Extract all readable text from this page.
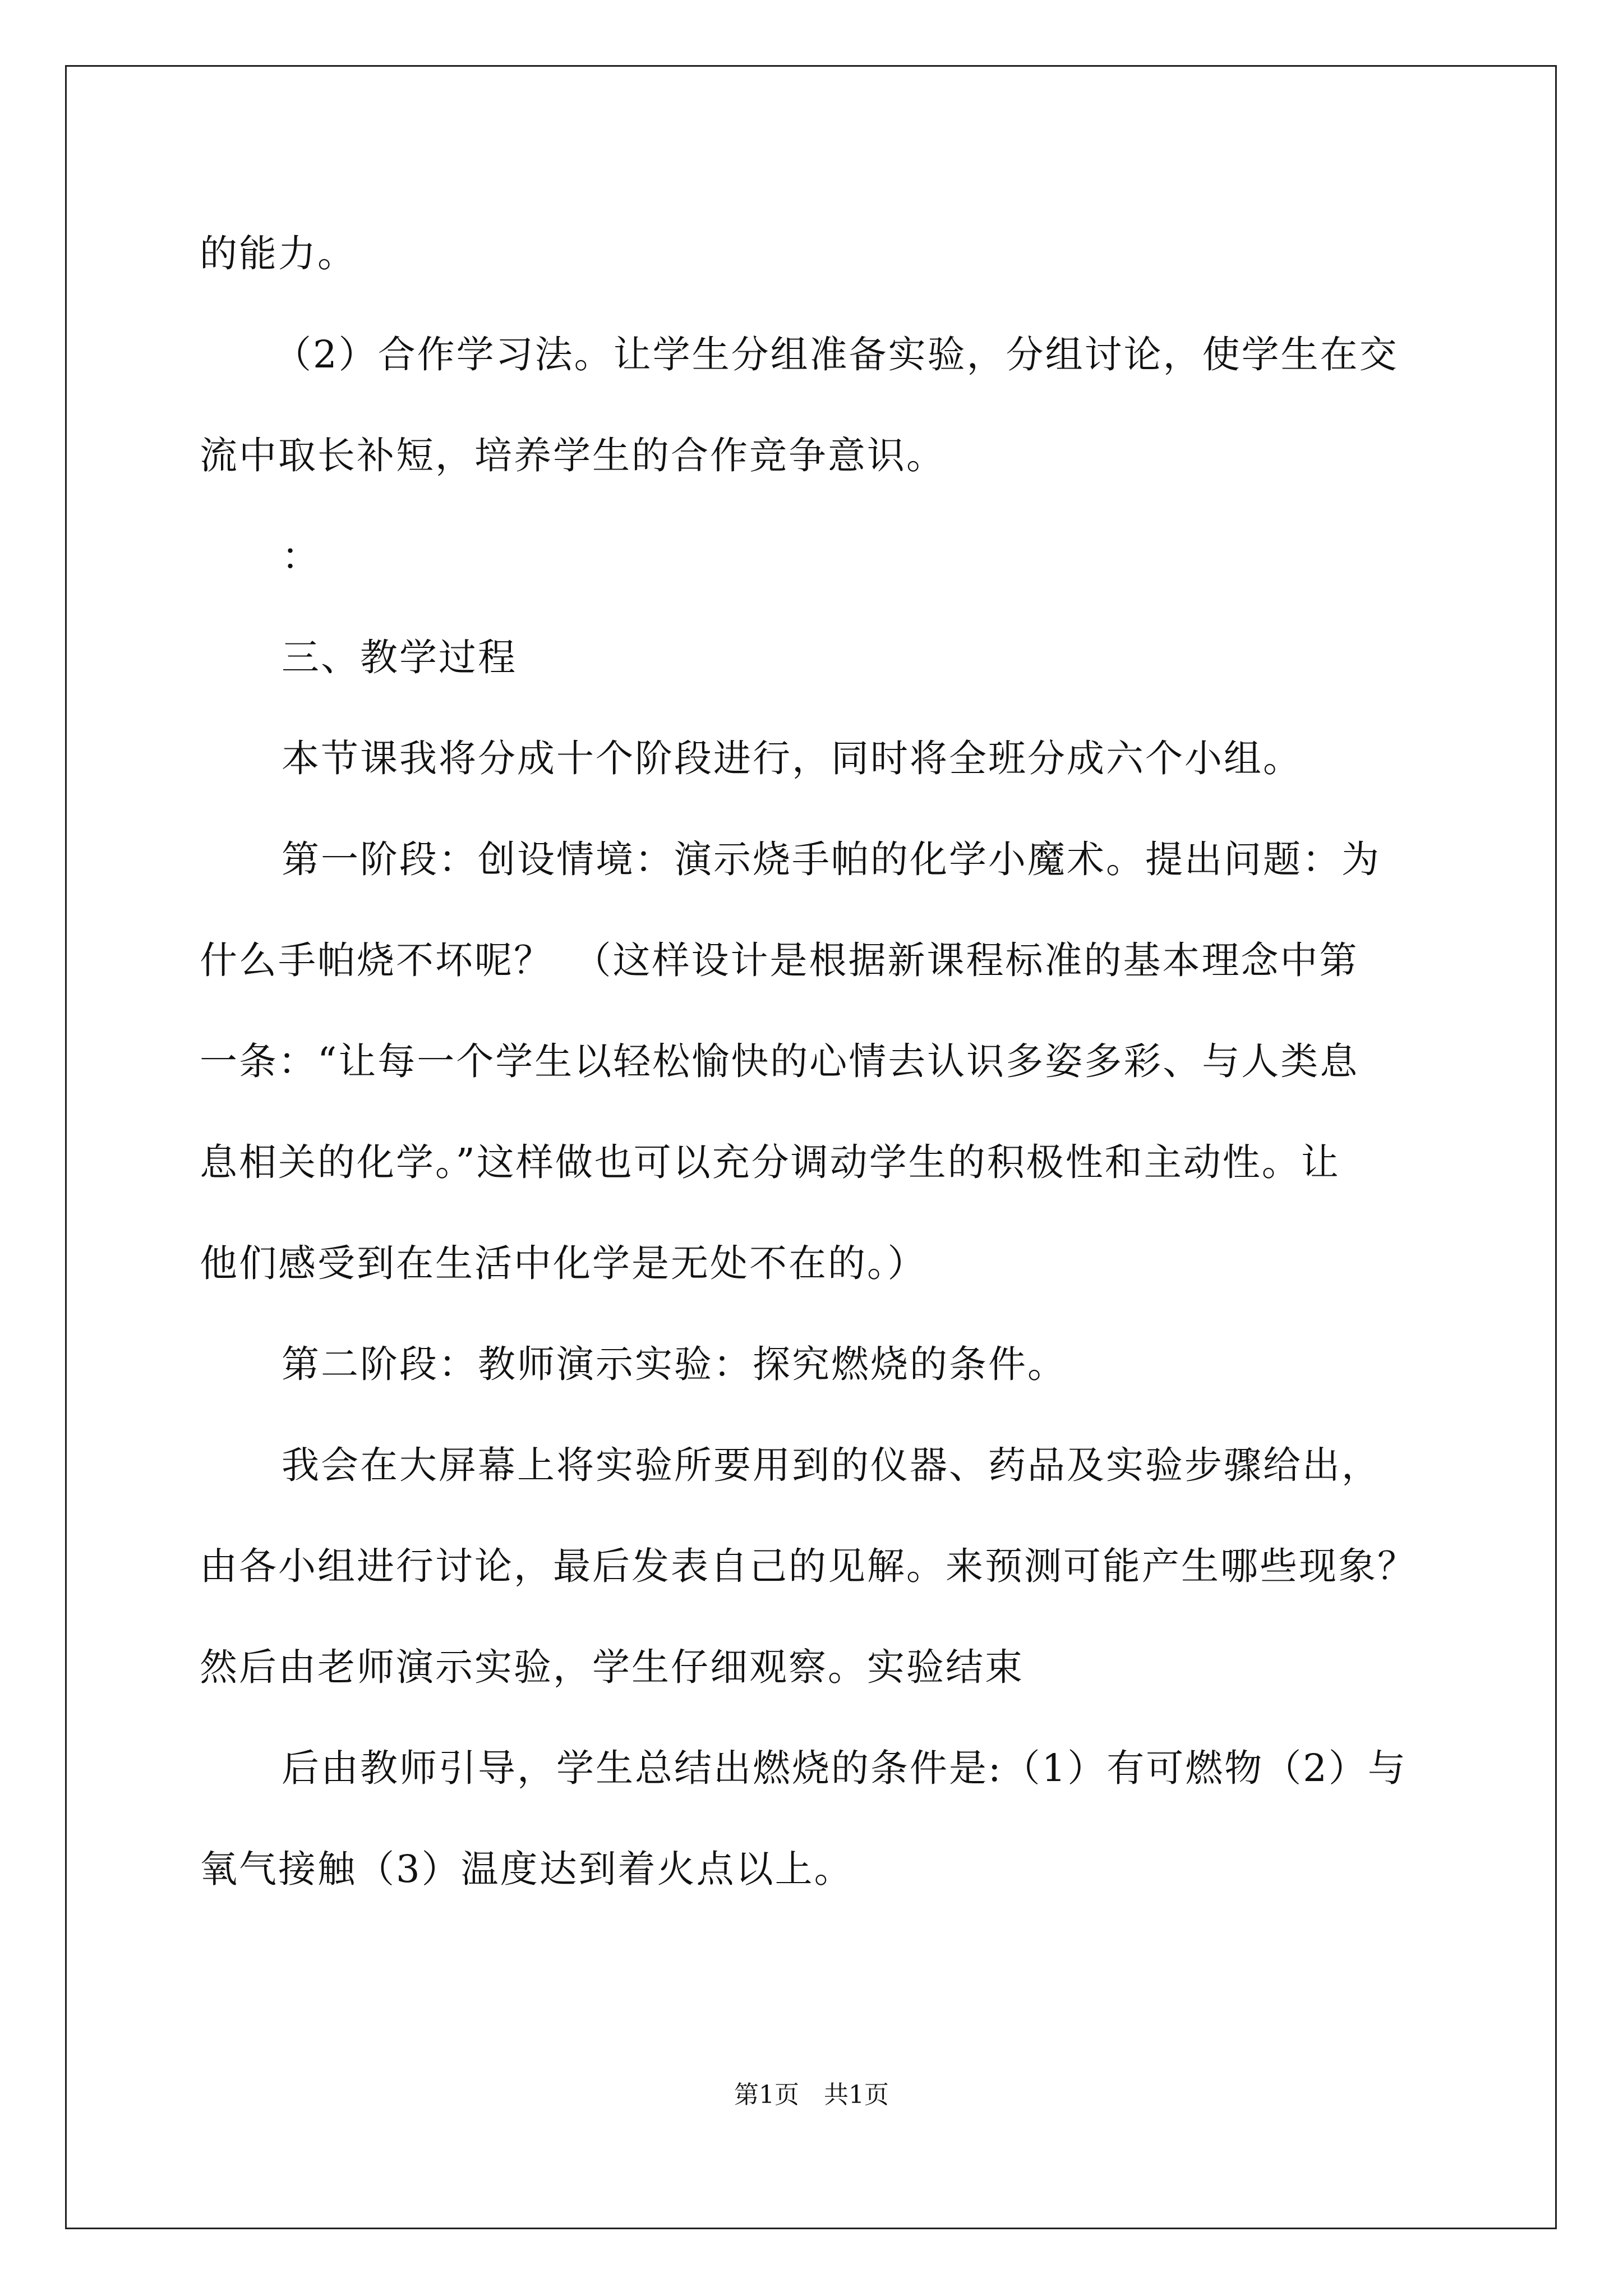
的能力。
（2）合作学习法。让学生分组准备实验，分组讨论，使学生在交
流中取长补短，培养学生的合作竞争意识。
：
三、教学过程
本节课我将分成十个阶段进行，同时将全班分成六个小组。
第一阶段：创设情境：演示烧手帕的化学小魔术。提出问题：为
什么手帕烧不坏呢？　（这样设计是根据新课程标准的基本理念中第
一条：“让每一个学生以轻松愉快的心情去认识多姿多彩、与人类息
息相关的化学。”这样做也可以充分调动学生的积极性和主动性。让
他们感受到在生活中化学是无处不在的。）
第二阶段：教师演示实验：探究燃烧的条件。
我会在大屏幕上将实验所要用到的仪器、药品及实验步骤给出，
由各小组进行讨论，最后发表自己的见解。来预测可能产生哪些现象？
然后由老师演示实验，学生仔细观察。实验结束
后由教师引导，学生总结出燃烧的条件是:（1）有可燃物（2）与
氧气接触（3）温度达到着火点以上。
第1页　共1页
